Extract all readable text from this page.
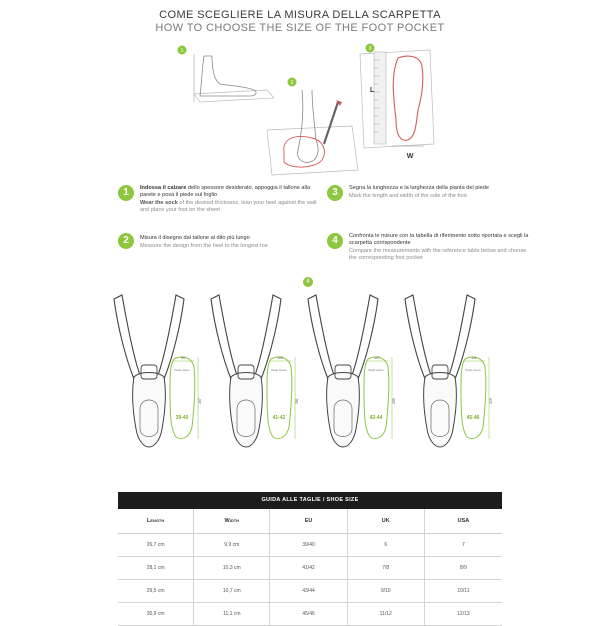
COME SCEGLIERE LA MISURA DELLA SCARPETTA
HOW TO CHOOSE THE SIZE OF THE FOOT POCKET
1
2
3
L
W
1	Indossa il calzare dello spessore desiderato, appoggia il tallone alla parete e posa il piede sul foglio
Wear the sock of the desired thickness, lean your heel against the wall and place your foot on the sheet
2	Misura il disegno dal tallone al dito più lungo
Measure the design from the heel to the longest toe
3	Segna la lunghezza e la larghezza della pianta del piede
Mark the length and width of the sole of the foot
4	Confronta le misure con la tabella di riferimento sotto riportata e scegli la scarpetta corrispondente
Compare the measurements with the reference table below and choose the corresponding foot pocket
4
99
267
Piede interno
39-40
103
281
Piede interno
41-42
107
295
Piede interno
43-44
111
309
Piede interno
45-46
GUIDA ALLE TAGLIE / SHOE SIZE
Length	Width	EU	UK	USA
26,7 cm	9,9 cm	39/40	6	7
28,1 cm	10,3 cm	41/42	7/8	8/9
29,5 cm	10,7 cm	43/44	9/10	10/11
30,9 cm	11,1 cm	45/46	11/12	12/13
